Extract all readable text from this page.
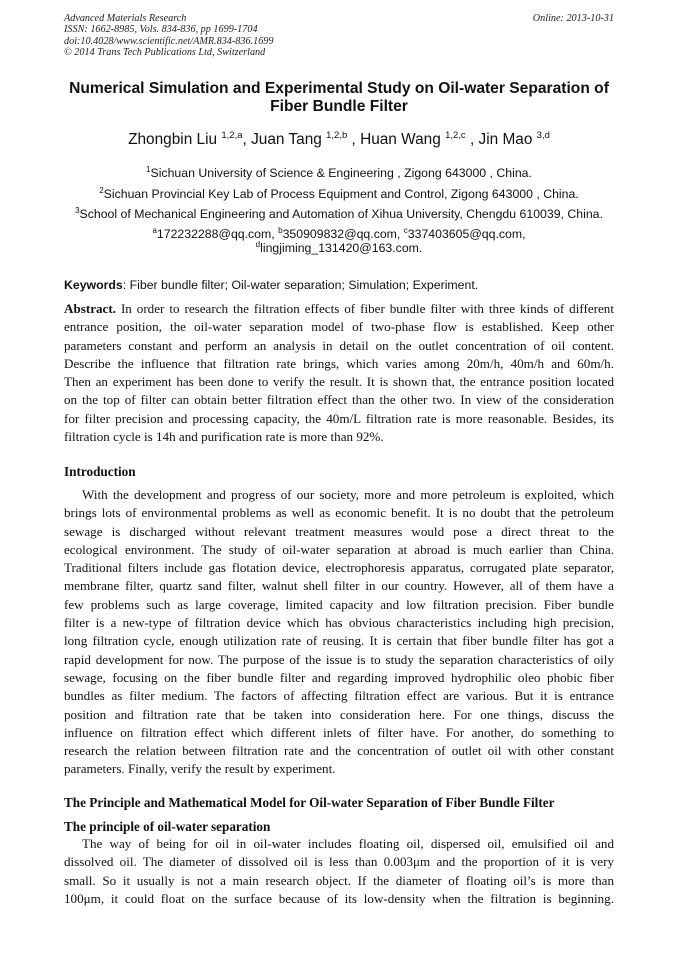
Advanced Materials Research
ISSN: 1662-8985, Vols. 834-836, pp 1699-1704
doi:10.4028/www.scientific.net/AMR.834-836.1699
© 2014 Trans Tech Publications Ltd, Switzerland
Online: 2013-10-31
Numerical Simulation and Experimental Study on Oil-water Separation of
Fiber Bundle Filter
Zhongbin Liu $^{1,2,a}$, Juan Tang $^{1,2,b}$ , Huan Wang $^{1,2,c}$ , Jin Mao $^{3,d}$
$^1$Sichuan University of Science & Engineering , Zigong 643000 , China.
$^2$Sichuan Provincial Key Lab of Process Equipment and Control, Zigong 643000 , China.
$^3$School of Mechanical Engineering and Automation of Xihua University, Chengdu 610039, China.
$^a$172232288@qq.com, $^b$350909832@qq.com, $^c$337403605@qq.com,
$^d$lingjiming_131420@163.com.
Keywords: Fiber bundle filter; Oil-water separation; Simulation; Experiment.
Abstract. In order to research the filtration effects of fiber bundle filter with three kinds of different
entrance position, the oil-water separation model of two-phase flow is established. Keep other
parameters constant and perform an analysis in detail on the outlet concentration of oil content.
Describe the influence that filtration rate brings, which varies among 20m/h, 40m/h and 60m/h.
Then an experiment has been done to verify the result. It is shown that, the entrance position located
on the top of filter can obtain better filtration effect than the other two. In view of the consideration
for filter precision and processing capacity, the 40m/L filtration rate is more reasonable. Besides, its
filtration cycle is 14h and purification rate is more than 92%.
Introduction
With the development and progress of our society, more and more petroleum is exploited, which
brings lots of environmental problems as well as economic benefit. It is no doubt that the petroleum
sewage is discharged without relevant treatment measures would pose a direct threat to the
ecological environment. The study of oil-water separation at abroad is much earlier than China.
Traditional filters include gas flotation device, electrophoresis apparatus, corrugated plate separator,
membrane filter, quartz sand filter, walnut shell filter in our country. However, all of them have a
few problems such as large coverage, limited capacity and low filtration precision. Fiber bundle
filter is a new-type of filtration device which has obvious characteristics including high precision,
long filtration cycle, enough utilization rate of reusing. It is certain that fiber bundle filter has got a
rapid development for now. The purpose of the issue is to study the separation characteristics of oily
sewage, focusing on the fiber bundle filter and regarding improved hydrophilic oleo phobic fiber
bundles as filter medium. The factors of affecting filtration effect are various. But it is entrance
position and filtration rate that be taken into consideration here. For one things, discuss the
influence on filtration effect which different inlets of filter have. For another, do something to
research the relation between filtration rate and the concentration of outlet oil with other constant
parameters. Finally, verify the result by experiment.
The Principle and Mathematical Model for Oil-water Separation of Fiber Bundle Filter
The principle of oil-water separation
The way of being for oil in oil-water includes floating oil, dispersed oil, emulsified oil and
dissolved oil. The diameter of dissolved oil is less than 0.003μm and the proportion of it is very
small. So it usually is not a main research object. If the diameter of floating oil’s is more than
100μm, it could float on the surface because of its low-density when the filtration is beginning.
